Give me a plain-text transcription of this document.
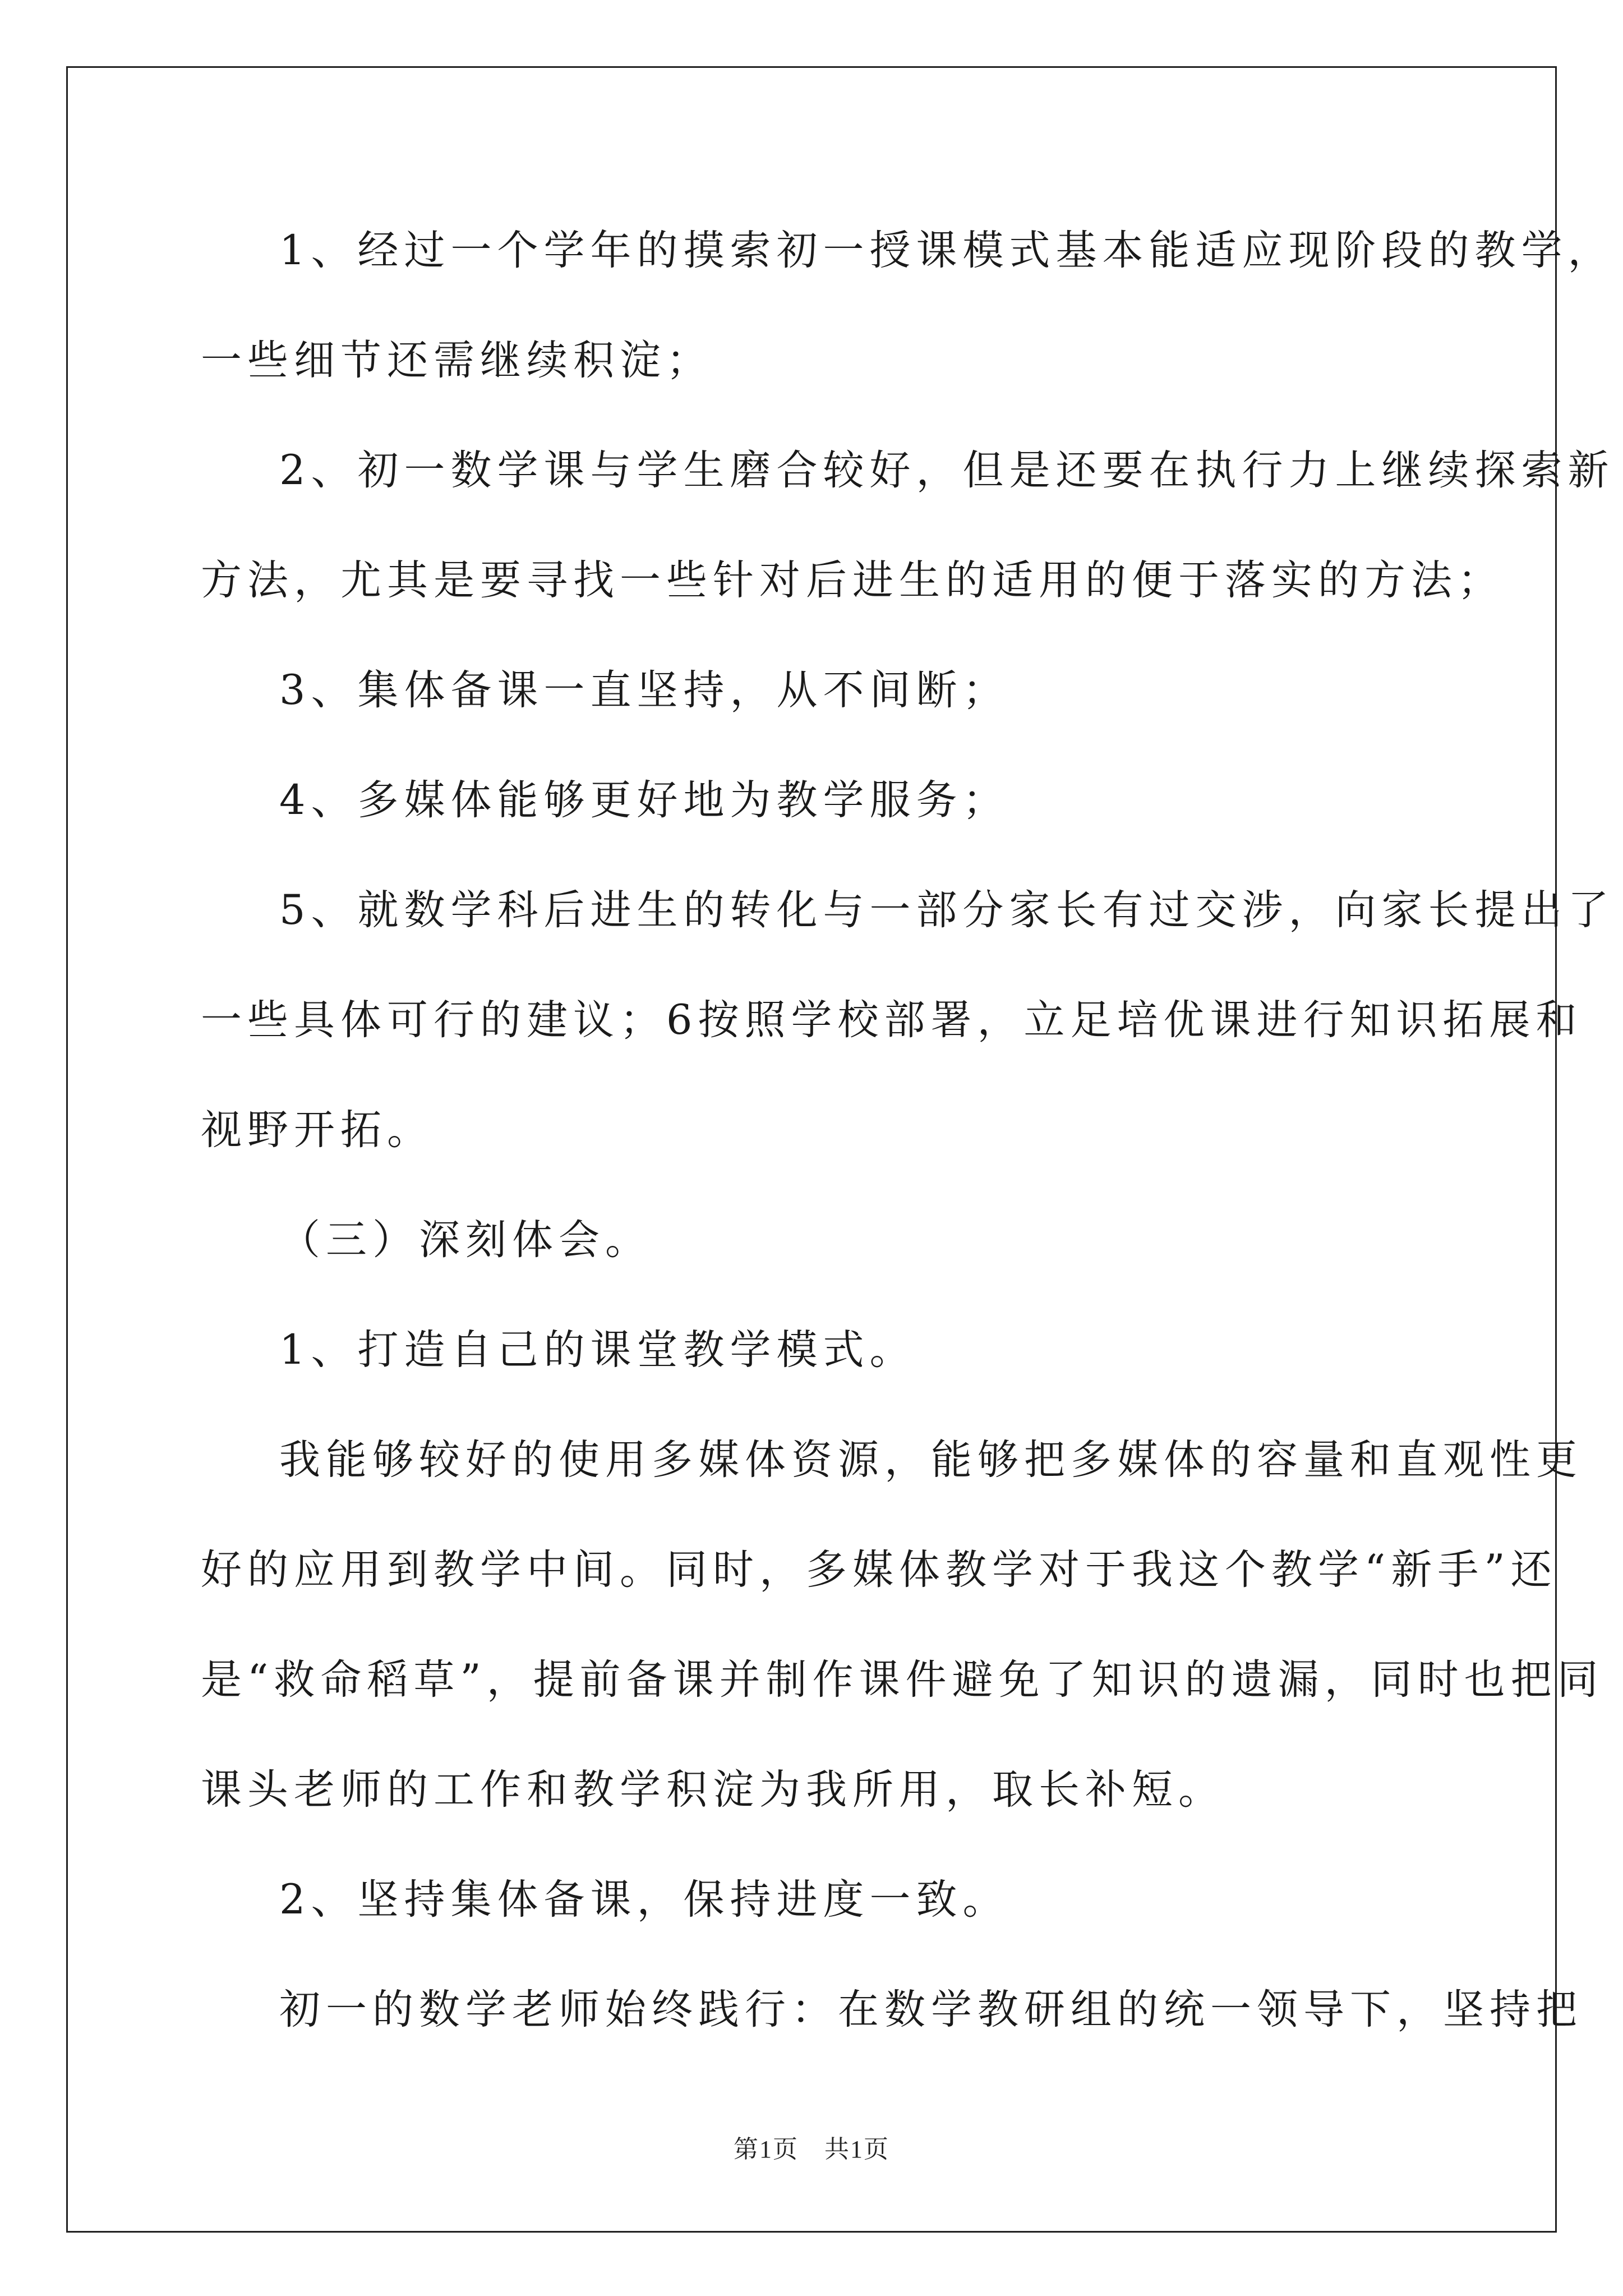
1、经过一个学年的摸索初一授课模式基本能适应现阶段的教学，
一些细节还需继续积淀；
2、初一数学课与学生磨合较好，但是还要在执行力上继续探索新
方法，尤其是要寻找一些针对后进生的适用的便于落实的方法；
3、集体备课一直坚持，从不间断；
4、多媒体能够更好地为教学服务；
5、就数学科后进生的转化与一部分家长有过交涉，向家长提出了
一些具体可行的建议；6按照学校部署，立足培优课进行知识拓展和
视野开拓。
（三）深刻体会。
1、打造自己的课堂教学模式。
我能够较好的使用多媒体资源，能够把多媒体的容量和直观性更
好的应用到教学中间。同时，多媒体教学对于我这个教学“新手”还
是“救命稻草”，提前备课并制作课件避免了知识的遗漏，同时也把同
课头老师的工作和教学积淀为我所用，取长补短。
2、坚持集体备课，保持进度一致。
初一的数学老师始终践行：在数学教研组的统一领导下，坚持把
第1页　共1页
